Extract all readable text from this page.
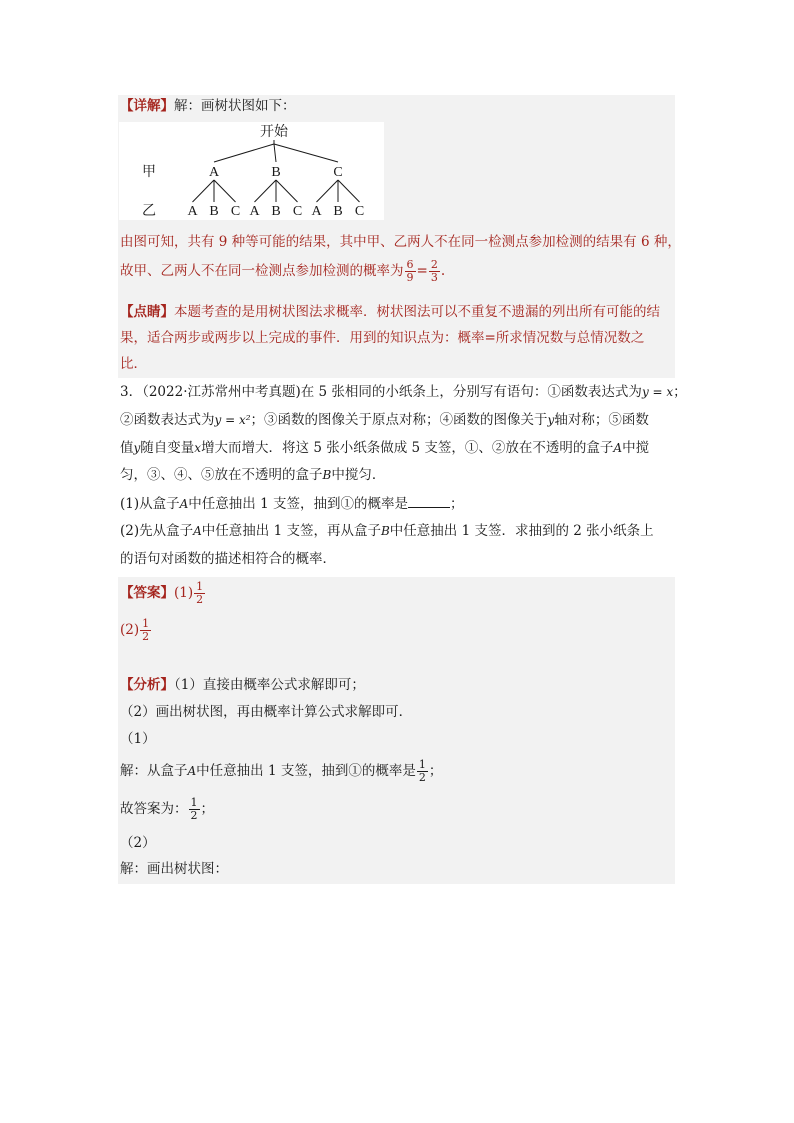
【详解】解：画树状图如下：
开始
甲
乙
A	B	C
A B C A B C A B C
由图可知，共有 9 种等可能的结果，其中甲、乙两人不在同一检测点参加检测的结果有 6 种，
故甲、乙两人不在同一检测点参加检测的概率为 $\frac{6}{9} = \frac{2}{3}$ .
【点睛】本题考查的是用树状图法求概率．树状图法可以不重复不遗漏的列出所有可能的结
果，适合两步或两步以上完成的事件．用到的知识点为：概率=所求情况数与总情况数之
比．
3．（2022·江苏常州中考真题)在 5 张相同的小纸条上，分别写有语句：①函数表达式为y = x；
②函数表达式为y = x²；③函数的图像关于原点对称；④函数的图像关于y轴对称；⑤函数
值y随自变量x增大而增大．将这 5 张小纸条做成 5 支签，①、②放在不透明的盒子A中搅
匀，③、④、⑤放在不透明的盒子B中搅匀．
(1)从盒子A中任意抽出 1 支签，抽到①的概率是	；
(2)先从盒子A中任意抽出 1 支签，再从盒子B中任意抽出 1 支签．求抽到的 2 张小纸条上
的语句对函数的描述相符合的概率．
【答案】$(1) \frac{1}{2}$
$(2) \frac{1}{2}$
【分析】（1）直接由概率公式求解即可；
（2）画出树状图，再由概率计算公式求解即可．
（1）
解：从盒子A中任意抽出 1 支签，抽到①的概率是 $\frac{1}{2}$ ；
故答案为： $\frac{1}{2}$ ；
（2）
解：画出树状图：
